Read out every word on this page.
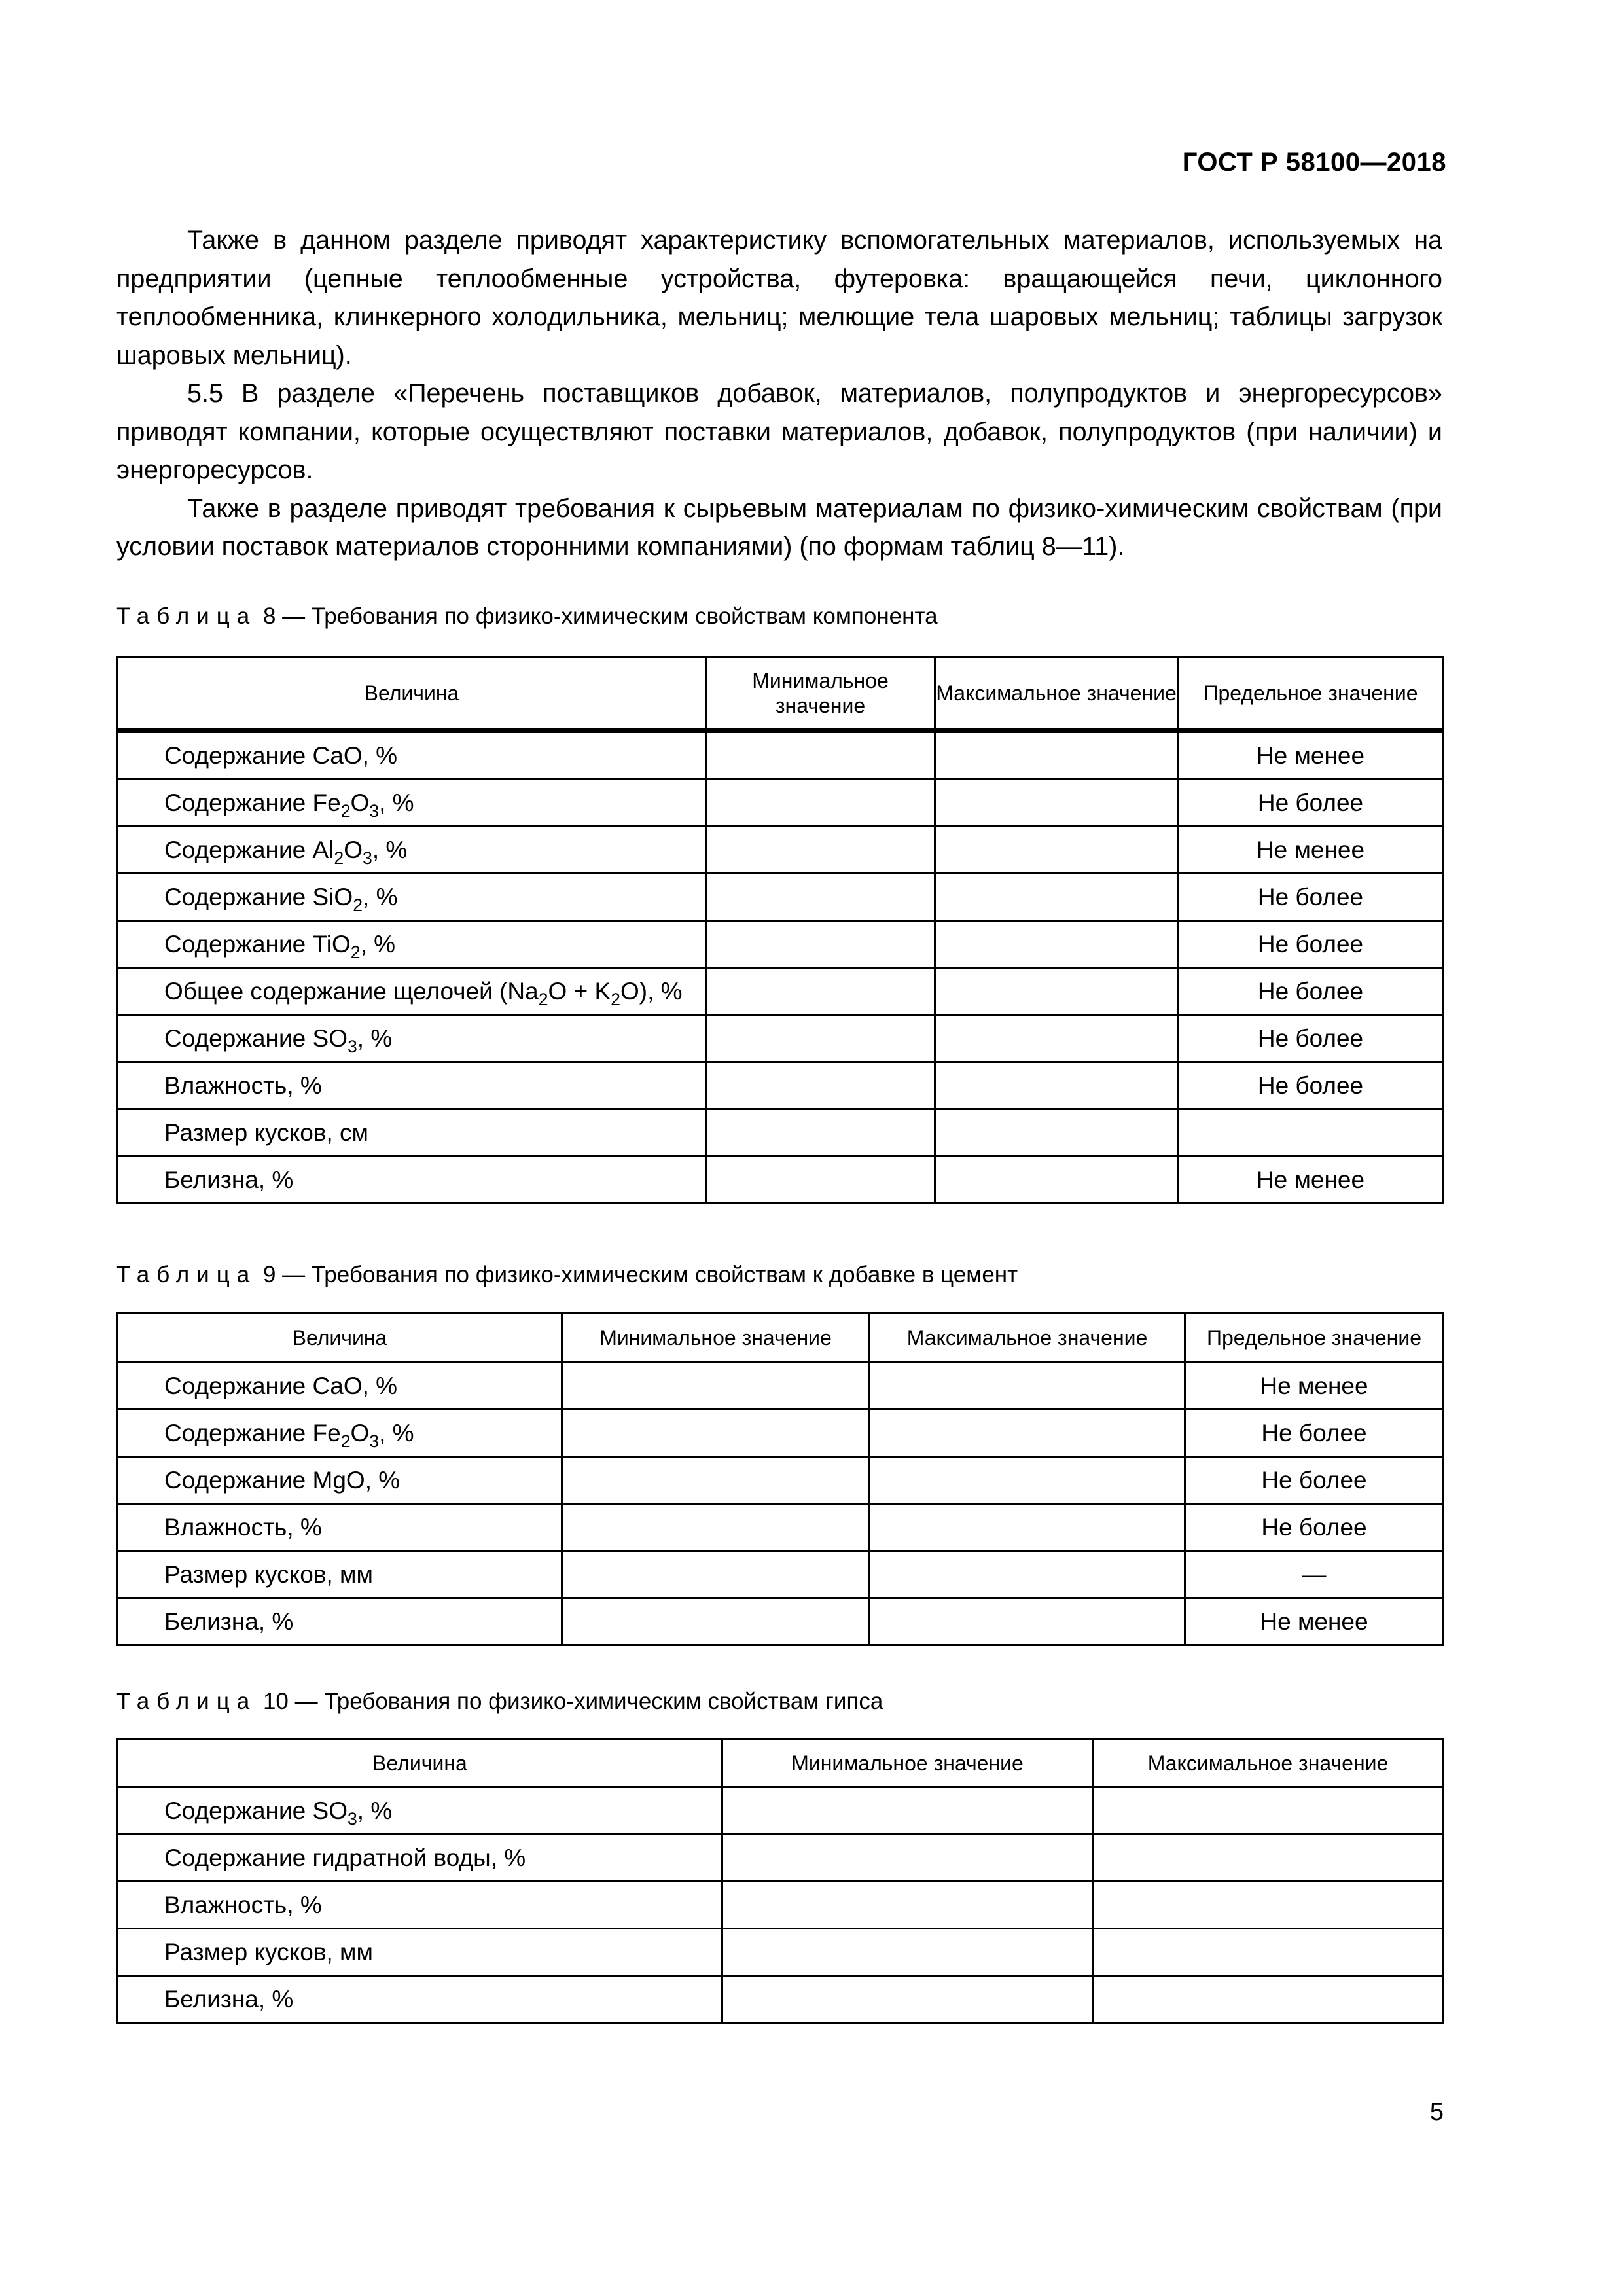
ГОСТ Р 58100—2018

Также в данном разделе приводят характеристику вспомогательных материалов, используемых на предприятии (цепные теплообменные устройства, футеровка: вращающейся печи, циклонного теплообменника, клинкерного холодильника, мельниц; мелющие тела шаровых мельниц; таблицы загрузок шаровых мельниц).

5.5 В разделе «Перечень поставщиков добавок, материалов, полупродуктов и энергоресурсов» приводят компании, которые осуществляют поставки материалов, добавок, полупродуктов (при наличии) и энергоресурсов.

Также в разделе приводят требования к сырьевым материалам по физико-химическим свойствам (при условии поставок материалов сторонними компаниями) (по формам таблиц 8—11).

Таблица 8 — Требования по физико-химическим свойствам компонента
Величина	Минимальное значение	Максимальное значение	Предельное значение
Содержание CaO, %			Не менее
Содержание $Fe_2O_3$, %			Не более
Содержание $Al_2O_3$, %			Не менее
Содержание SiO$_2$, %			Не более
Содержание TiO$_2$, %			Не более
Общее содержание щелочей $(Na_2O + K_2O)$, %			Не более
Содержание $SO_3$, %			Не более
Влажность, %			Не более
Размер кусков, см			
Белизна, %			Не менее
Таблица 9 — Требования по физико-химическим свойствам к добавке в цемент
Величина	Минимальное значение	Максимальное значение	Предельное значение
Содержание CaO, %			Не менее
Содержание $Fe_2O_3$, %			Не более
Содержание MgO, %			Не более
Влажность, %			Не более
Размер кусков, мм			—
Белизна, %			Не менее
Таблица 10 — Требования по физико-химическим свойствам гипса
Величина	Минимальное значение	Максимальное значение
Содержание $SO_3$, %		
Содержание гидратной воды, %		
Влажность, %		
Размер кусков, мм		
Белизна, %		
5
